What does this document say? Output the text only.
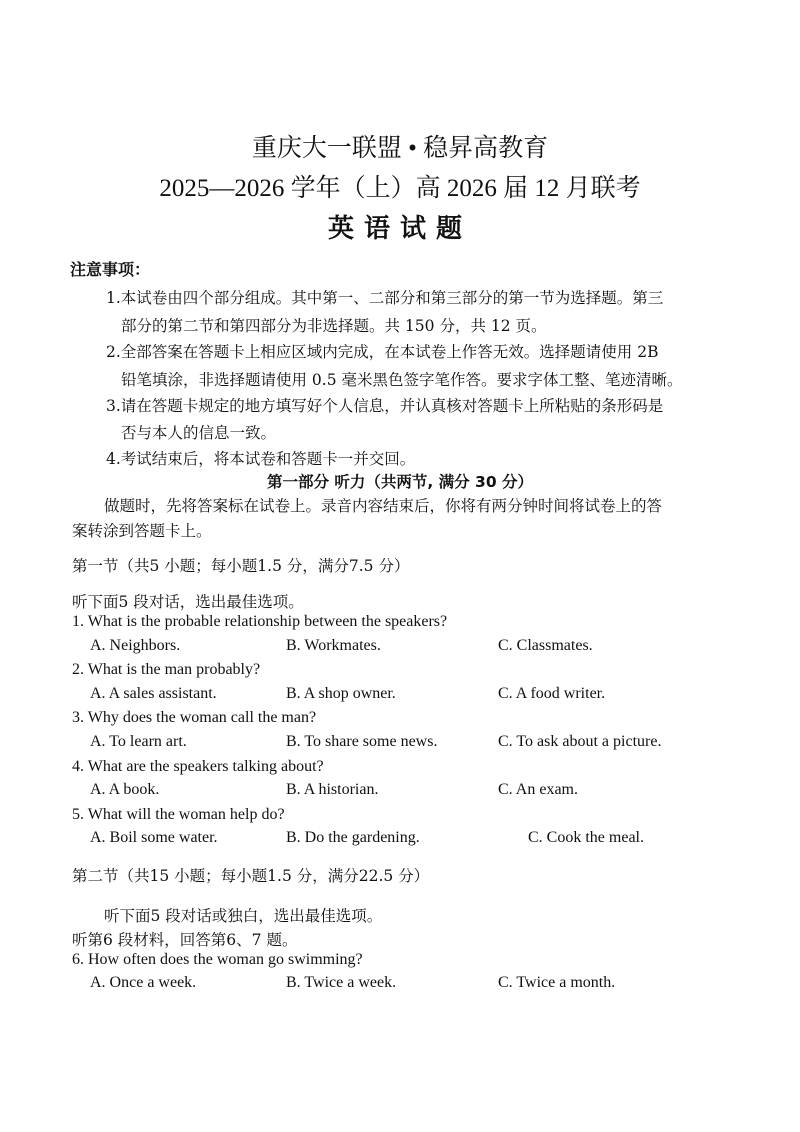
重庆大一联盟 • 稳昇高教育
2025—2026 学年（上）高 2026 届 12 月联考
英语试题
注意事项：
1.本试卷由四个部分组成。其中第一、二部分和第三部分的第一节为选择题。第三
部分的第二节和第四部分为非选择题。共 150 分，共 12 页。
2.全部答案在答题卡上相应区域内完成，在本试卷上作答无效。选择题请使用 2B
铅笔填涂，非选择题请使用 0.5 毫米黑色签字笔作答。要求字体工整、笔迹清晰。
3.请在答题卡规定的地方填写好个人信息，并认真核对答题卡上所粘贴的条形码是
否与本人的信息一致。
4.考试结束后，将本试卷和答题卡一并交回。
第一部分 听力（共两节, 满分 30 分）
做题时，先将答案标在试卷上。录音内容结束后，你将有两分钟时间将试卷上的答
案转涂到答题卡上。
第一节（共5 小题；每小题1.5 分，满分7.5 分）
听下面5 段对话，选出最佳选项。
1. What is the probable relationship between the speakers?
A. Neighbors.	B. Workmates.	C. Classmates.
2. What is the man probably?
A. A sales assistant.	B. A shop owner.	C. A food writer.
3. Why does the woman call the man?
A. To learn art.	B. To share some news.	C. To ask about a picture.
4. What are the speakers talking about?
A. A book.	B. A historian.	C. An exam.
5. What will the woman help do?
A. Boil some water.	B. Do the gardening.	C. Cook the meal.
第二节（共15 小题；每小题1.5 分，满分22.5 分）
听下面5 段对话或独白，选出最佳选项。
听第6 段材料，回答第6、7 题。
6. How often does the woman go swimming?
A. Once a week.	B. Twice a week.	C. Twice a month.
